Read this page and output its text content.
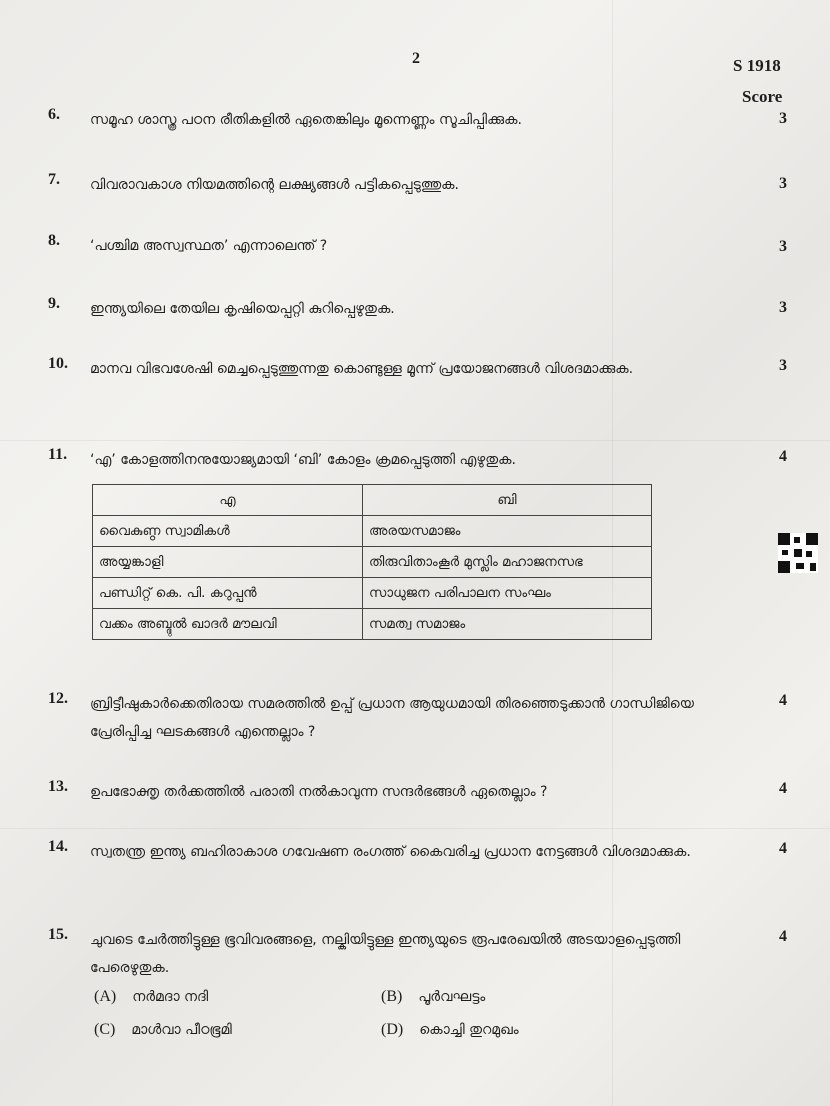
2	S 1918
Score
6. സമൂഹ ശാസ്ത്ര പഠന രീതികളിൽ ഏതെങ്കിലും മൂന്നെണ്ണം സൂചിപ്പിക്കുക.	3
7. വിവരാവകാശ നിയമത്തിന്റെ ലക്ഷ്യങ്ങൾ പട്ടികപ്പെടുത്തുക.	3
8. ‘പശ്ചിമ അസ്വസ്ഥത’ എന്നാലെന്ത് ?	3
9. ഇന്ത്യയിലെ തേയില കൃഷിയെപ്പറ്റി കുറിപ്പെഴുതുക.	3
10. മാനവ വിഭവശേഷി മെച്ചപ്പെടുത്തുന്നതു കൊണ്ടുള്ള മൂന്ന് പ്രയോജനങ്ങൾ വിശദമാക്കുക.	3
11. ‘എ’ കോളത്തിനനുയോജ്യമായി ‘ബി’ കോളം ക്രമപ്പെടുത്തി എഴുതുക.	4
എ	ബി
വൈകുണ്ഠ സ്വാമികൾ	അരയസമാജം
അയ്യങ്കാളി	തിരുവിതാംകൂർ മുസ്ലിം മഹാജനസഭ
പണ്ഡിറ്റ് കെ. പി. കറുപ്പൻ	സാധുജന പരിപാലന സംഘം
വക്കം അബ്ദുൽ ഖാദർ മൗലവി	സമത്വ സമാജം
12. ബ്രിട്ടീഷുകാർക്കെതിരായ സമരത്തിൽ ഉപ്പ് പ്രധാന ആയുധമായി തിരഞ്ഞെടുക്കാൻ ഗാന്ധിജിയെ പ്രേരിപ്പിച്ച ഘടകങ്ങൾ എന്തെല്ലാം ?
4
13. ഉപഭോക്തൃ തർക്കത്തിൽ പരാതി നൽകാവുന്ന സന്ദർഭങ്ങൾ ഏതെല്ലാം ?	4
14. സ്വതന്ത്ര ഇന്ത്യ ബഹിരാകാശ ഗവേഷണ രംഗത്ത് കൈവരിച്ച പ്രധാന നേട്ടങ്ങൾ വിശദമാക്കുക.	4
15. ചുവടെ ചേർത്തിട്ടുള്ള ഭൂവിവരങ്ങളെ, നല്കിയിട്ടുള്ള ഇന്ത്യയുടെ രൂപരേഖയിൽ അടയാളപ്പെടുത്തി പേരെഴുതുക.
4
(A) നർമദാ നദി	(B) പൂർവഘട്ടം
(C) മാൾവാ പീഠഭൂമി	(D) കൊച്ചി തുറമുഖം
